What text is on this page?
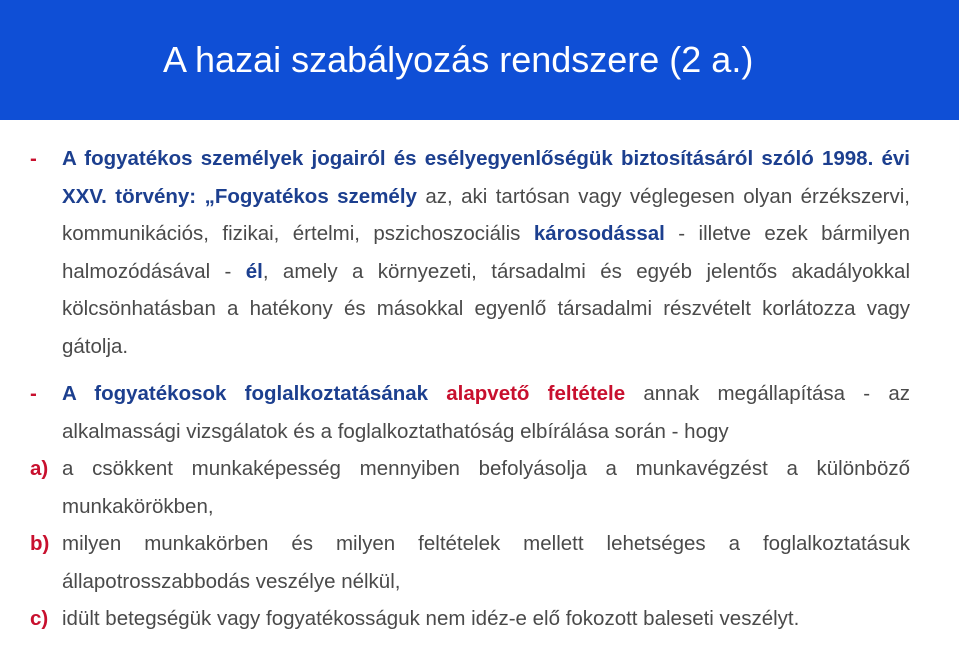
A hazai szabályozás rendszere (2 a.)
-	A fogyatékos személyek jogairól és esélyegyenlőségük biztosításáról szóló 1998. évi XXV. törvény: „Fogyatékos személy az, aki tartósan vagy véglegesen olyan érzékszervi, kommunikációs, fizikai, értelmi, pszichoszociális károsodással - illetve ezek bármilyen halmozódásával - él, amely a környezeti, társadalmi és egyéb jelentős akadályokkal kölcsönhatásban a hatékony és másokkal egyenlő társadalmi részvételt korlátozza vagy gátolja.
-	A fogyatékosok foglalkoztatásának alapvető feltétele annak megállapítása - az alkalmassági vizsgálatok és a foglalkoztathatóság elbírálása során - hogy
a) a csökkent munkaképesség mennyiben befolyásolja a munkavégzést a különböző munkakörökben,
b) milyen munkakörben és milyen feltételek mellett lehetséges a foglalkoztatásuk állapotrosszabbodás veszélye nélkül,
c) idült betegségük vagy fogyatékosságuk nem idéz-e elő fokozott baleseti veszélyt.
